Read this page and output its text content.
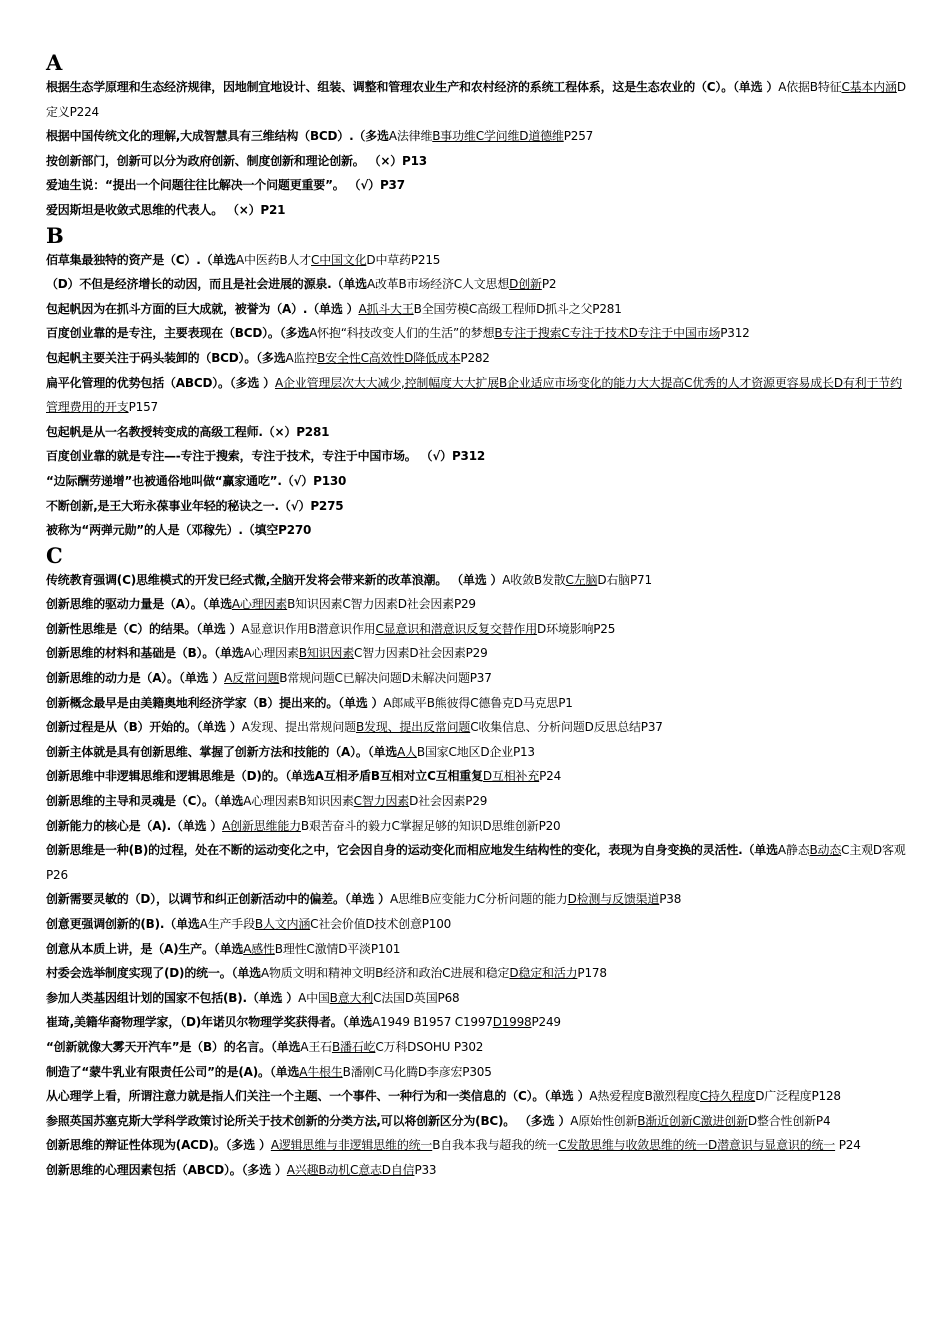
A
根据生态学原理和生态经济规律，因地制宜地设计、组装、调整和管理农业生产和农村经济的系统工程体系，这是生态农业的（C）。（单选 ）A依据B特征C基本内涵D定义P224
根据中国传统文化的理解,大成智慧具有三维结构（BCD）.（多选A法律维B事功维C学问维D道德维P257
按创新部门，创新可以分为政府创新、制度创新和理论创新。 （×）P13
爱迪生说：“提出一个问题往往比解决一个问题更重要”。 （√）P37
爱因斯坦是收敛式思维的代表人。 （×）P21
B
佰草集最独特的资产是（C）.（单选A中医药B人才C中国文化D中草药P215
（D）不但是经济增长的动因，而且是社会进展的源泉.（单选A改革B市场经济C人文思想D创新P2
包起帆因为在抓斗方面的巨大成就，被誉为（A）.（单选 ）A抓斗大王B全国劳模C高级工程师D抓斗之父P281
百度创业靠的是专注，主要表现在（BCD）。（多选A怀抱“科技改变人们的生活”的梦想B专注于搜索C专注于技术D专注于中国市场P312
包起帆主要关注于码头装卸的（BCD）。（多选A监控B安全性C高效性D降低成本P282
扁平化管理的优势包括（ABCD）。（多选 ）A企业管理层次大大减少,控制幅度大大扩展B企业适应市场变化的能力大大提高C优秀的人才资源更容易成长D有利于节约管理费用的开支P157
包起帆是从一名教授转变成的高级工程师.（×）P281
百度创业靠的就是专注—-专注于搜索，专注于技术，专注于中国市场。 （√）P312
“边际酬劳递增”也被通俗地叫做“赢家通吃”.（√）P130
不断创新,是王大珩永葆事业年轻的秘诀之一.（√）P275
被称为“两弹元勋”的人是（邓稼先）.（填空P270
C
传统教育强调(C)思维模式的开发已经式微,全脑开发将会带来新的改革浪潮。 （单选 ）A收敛B发散C左脑D右脑P71
创新思维的驱动力量是（A）。（单选A心理因素B知识因素C智力因素D社会因素P29
创新性思维是（C）的结果。（单选 ）A显意识作用B潜意识作用C显意识和潜意识反复交替作用D环境影响P25
创新思维的材料和基础是（B）。（单选A心理因素B知识因素C智力因素D社会因素P29
创新思维的动力是（A）。（单选 ）A反常问题B常规问题C已解决问题D未解决问题P37
创新概念最早是由美籍奥地利经济学家（B）提出来的。（单选 ）A郎咸平B熊彼得C德鲁克D马克思P1
创新过程是从（B）开始的。（单选 ）A发现、提出常规问题B发现、提出反常问题C收集信息、分析问题D反思总结P37
创新主体就是具有创新思维、掌握了创新方法和技能的（A）。（单选A人B国家C地区D企业P13
创新思维中非逻辑思维和逻辑思维是（D)的。（单选A互相矛盾B互相对立C互相重复D互相补充P24
创新思维的主导和灵魂是（C）。（单选A心理因素B知识因素C智力因素D社会因素P29
创新能力的核心是（A).（单选 ）A创新思维能力B艰苦奋斗的毅力C掌握足够的知识D思维创新P20
创新思维是一种(B)的过程，处在不断的运动变化之中，它会因自身的运动变化而相应地发生结构性的变化，表现为自身变换的灵活性.（单选A静态B动态C主观D客观P26
创新需要灵敏的（D），以调节和纠正创新活动中的偏差。（单选 ）A思维B应变能力C分析问题的能力D检测与反馈渠道P38
创意更强调创新的(B).（单选A生产手段B人文内涵C社会价值D技术创意P100
创意从本质上讲，是（A)生产。（单选A感性B理性C激情D平淡P101
村委会选举制度实现了(D)的统一。（单选A物质文明和精神文明B经济和政治C进展和稳定D稳定和活力P178
参加人类基因组计划的国家不包括(B).（单选 ）A中国B意大利C法国D英国P68
崔琦,美籍华裔物理学家，（D)年诺贝尔物理学奖获得者。（单选A1949 B1957 C1997D1998P249
“创新就像大雾天开汽车”是（B）的名言。（单选A王石B潘石屹C万科DSOHU P302
制造了“蒙牛乳业有限责任公司”的是(A)。（单选A牛根生B潘刚C马化腾D李彦宏P305
从心理学上看，所谓注意力就是指人们关注一个主题、一个事件、一种行为和一类信息的（C）。（单选 ）A热爱程度B激烈程度C持久程度D广泛程度P128
参照英国苏塞克斯大学科学政策讨论所关于技术创新的分类方法,可以将创新区分为(BC)。 （多选 ）A原始性创新B渐近创新C激进创新D整合性创新P4
创新思维的辩证性体现为(ACD)。（多选 ）A逻辑思维与非逻辑思维的统一B自我本我与超我的统一C发散思维与收敛思维的统一D潜意识与显意识的统一 P24
创新思维的心理因素包括（ABCD）。（多选 ）A兴趣B动机C意志D自信P33
